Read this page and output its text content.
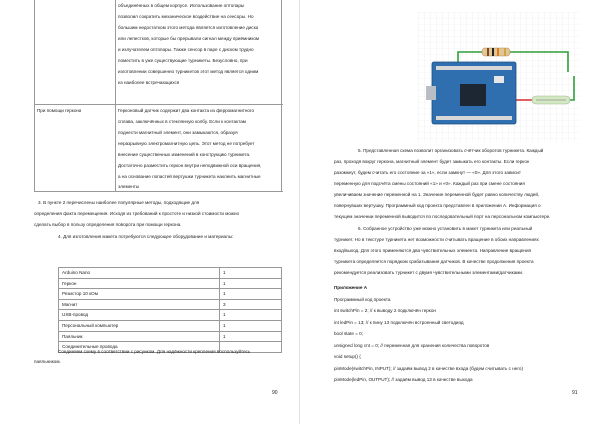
объединённых в общем корпусе. Использование оптопары
позволил сократить механическое воздействие на сенсоры. Но
большим недостатком этого метода является изготовление диска
или лепестков, которые бы прерывали сигнал между приёмником
и излучателем оптопары. Также сенсор в паре с диском трудно
поместить в уже существующие турникеты. Безусловно, при
изготовлении совершенно турникетов этот метод является одним
из наиболее встречающихся
При помощи геркона	Герконовый датчик содержит два контакта из ферромагнитного
сплава, заключённых в стеклянную колбу. Если к контактам
поднести магнитный элемент, они замыкаются, образуя
неразрывную электромагнитную цепь. Этот метод не потребует
внесение существенных изменений в конструкцию турникета.
Достаточно разместить геркон внутри неподвижной оси вращения,
а на основание лопастей вертушки турникета наклеить магнитные
элементы
3. В пункте 2 перечислены наиболее популярные методы, подходящие для
определения факта перемещения. Исходя из требований к простоте и низкой стоимости можно
сделать выбор в пользу определения поворота при помощи геркона.
4. Для изготовления макета потребуются следующее оборудование и материалы:
Arduino Nano	1
Геркон	1
Резистор 10 кОм	1
Магнит	3
USB-провод	1
Персональный компьютер	1
Паяльник	1
Соединительные провода
Соединяем схему в соответствии с рисунком. Для надёжности крепления воспользуйтесь
паяльником.
90
5. Представленная схема позволит организовать счётчик оборотов турникета. Каждый
раз, проходя вокруг геркона, магнитный элемент будет замыкать его контакты. Если геркон
разомкнут, будем считать его состояние за «1», если замкнут — «0». Для этого зависит
переменную для подсчёта смены состояний «1» и «0». Каждый раз при смене состояния
увеличиваем значение переменной на 1. Значение переменной будет равно количеству людей,
повернувших вертушку. Программный код проекта представлен в приложении А. Информация о
текущем значении переменной выводится по последовательный порт на персональном компьютере.
6. Собранное устройство уже можно установить в макет турникета или реальный
турникет. Но в текстуре турникета нет возможности считывать вращение в обоих направлениях
вход/выход. Для этого применяются два чувствительных элемента. Направление вращения
турникета определяется порядком срабатывания датчиков. В качестве продолжения проекта
рекомендуется реализовать турникет с двумя чувствительными элементами/датчиками.
Приложение А
Программный код проекта
int switchPin = 2; // к выводу 2 подключён геркон
int ledPin = 13; // к пину 13 подключён встроенный светодиод
bool state = 0;
unsigned long cnt = 0; // переменная для хранения количества поворотов
void setup() {
pinMode(switchPin, INPUT); // задаём вывод 2 в качестве входа (будем считывать с него)
pinMode(ledPin, OUTPUT); // задаём вывод 13 в качестве выхода
91
